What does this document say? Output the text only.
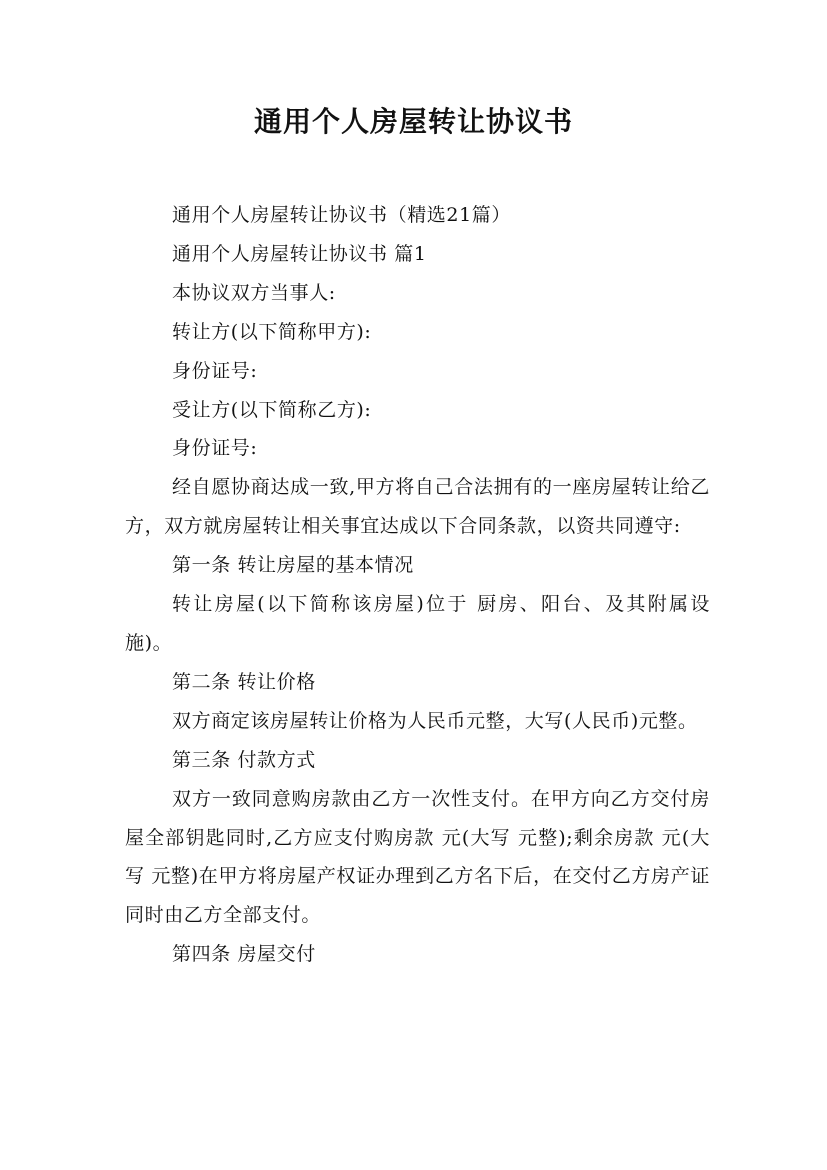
通用个人房屋转让协议书

通用个人房屋转让协议书（精选21篇）

通用个人房屋转让协议书 篇1

本协议双方当事人:

转让方(以下简称甲方):

身份证号:

受让方(以下简称乙方):

身份证号:

经自愿协商达成一致,甲方将自己合法拥有的一座房屋转让给乙方，双方就房屋转让相关事宜达成以下合同条款，以资共同遵守:

第一条 转让房屋的基本情况

转让房屋(以下简称该房屋)位于 厨房、阳台、及其附属设施)。

第二条 转让价格

双方商定该房屋转让价格为人民币元整，大写(人民币)元整。

第三条 付款方式

双方一致同意购房款由乙方一次性支付。在甲方向乙方交付房屋全部钥匙同时,乙方应支付购房款 元(大写 元整);剩余房款 元(大写 元整)在甲方将房屋产权证办理到乙方名下后，在交付乙方房产证同时由乙方全部支付。

第四条 房屋交付
